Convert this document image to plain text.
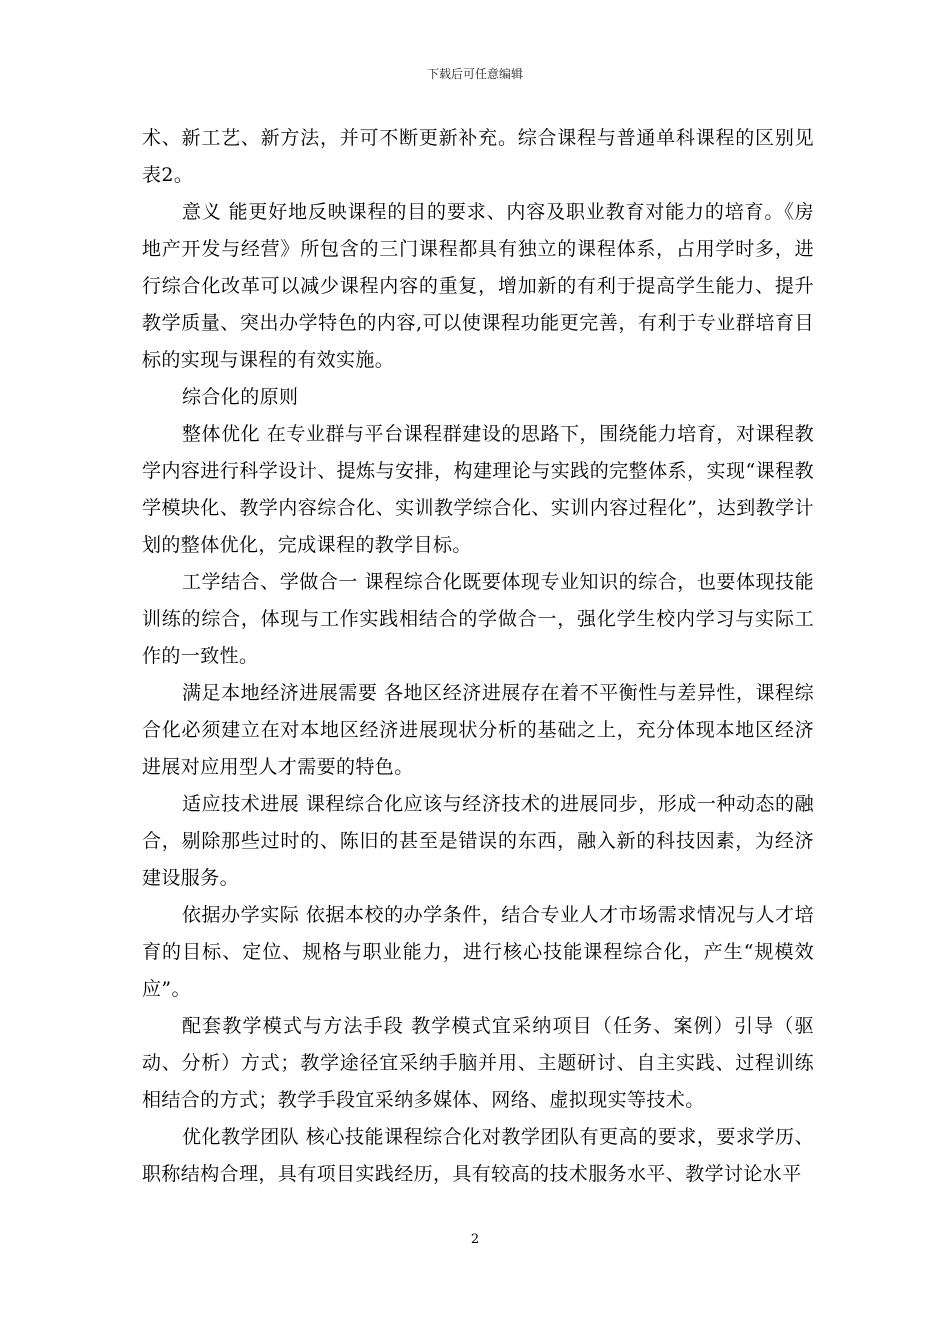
下载后可任意编辑

术、新工艺、新方法，并可不断更新补充。综合课程与普通单科课程的区别见表2。

意义 能更好地反映课程的目的要求、内容及职业教育对能力的培育。《房地产开发与经营》所包含的三门课程都具有独立的课程体系，占用学时多，进行综合化改革可以减少课程内容的重复，增加新的有利于提高学生能力、提升教学质量、突出办学特色的内容,可以使课程功能更完善，有利于专业群培育目标的实现与课程的有效实施。

综合化的原则

整体优化 在专业群与平台课程群建设的思路下，围绕能力培育，对课程教学内容进行科学设计、提炼与安排，构建理论与实践的完整体系，实现“课程教学模块化、教学内容综合化、实训教学综合化、实训内容过程化”，达到教学计划的整体优化，完成课程的教学目标。

工学结合、学做合一 课程综合化既要体现专业知识的综合，也要体现技能训练的综合，体现与工作实践相结合的学做合一，强化学生校内学习与实际工作的一致性。

满足本地经济进展需要 各地区经济进展存在着不平衡性与差异性，课程综合化必须建立在对本地区经济进展现状分析的基础之上，充分体现本地区经济进展对应用型人才需要的特色。

适应技术进展 课程综合化应该与经济技术的进展同步，形成一种动态的融合，剔除那些过时的、陈旧的甚至是错误的东西，融入新的科技因素，为经济建设服务。

依据办学实际 依据本校的办学条件，结合专业人才市场需求情况与人才培育的目标、定位、规格与职业能力，进行核心技能课程综合化，产生“规模效应”。

配套教学模式与方法手段 教学模式宜采纳项目（任务、案例）引导（驱动、分析）方式；教学途径宜采纳手脑并用、主题研讨、自主实践、过程训练相结合的方式；教学手段宜采纳多媒体、网络、虚拟现实等技术。

优化教学团队 核心技能课程综合化对教学团队有更高的要求，要求学历、职称结构合理，具有项目实践经历，具有较高的技术服务水平、教学讨论水平

2
